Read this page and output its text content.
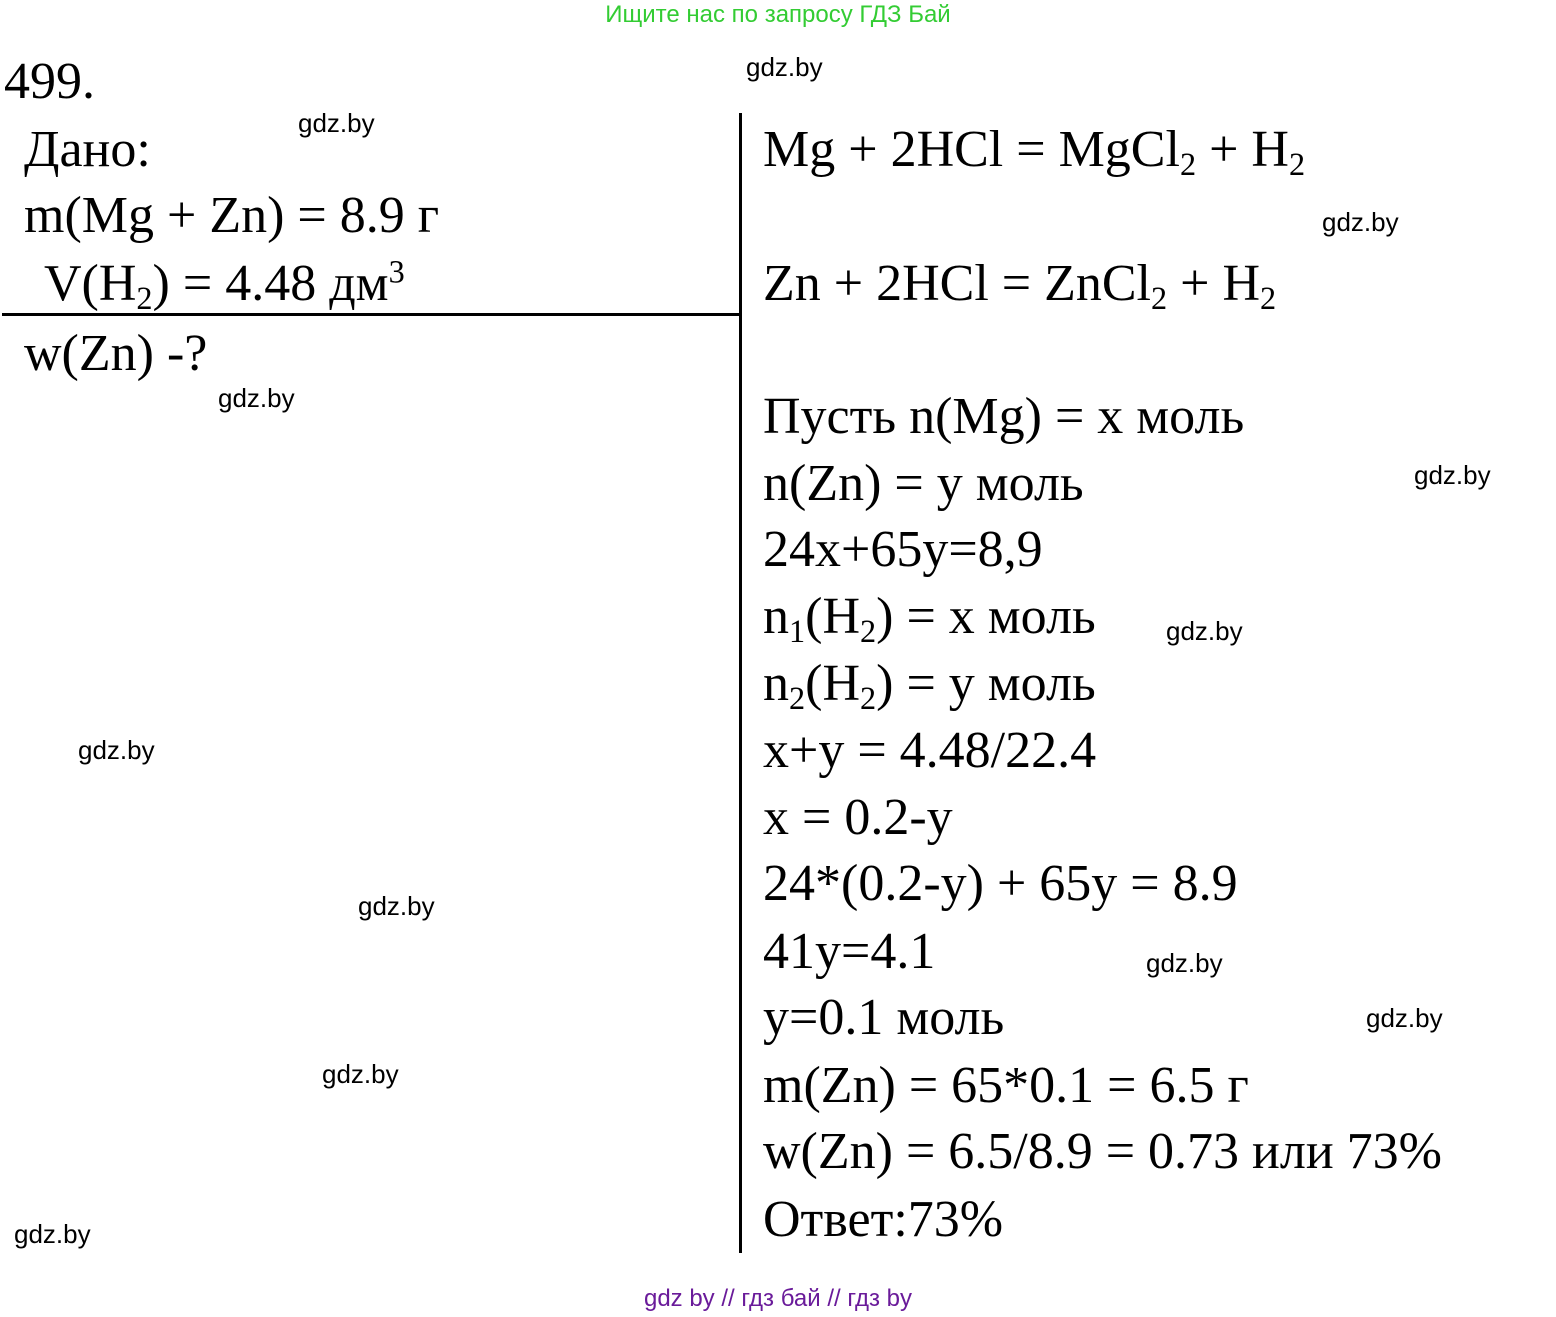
Ищите нас по запросу ГДЗ Бай
499.
Дано:
m(Mg + Zn) = 8.9 г
$V(H_2) = 4.48$ $дм^3$
w(Zn) -?
Mg + 2HCl = MgCl$_2$ + $H_2$
Zn + 2HCl = ZnCl$_2$ + $H_2$
Пусть n(Mg) = x моль
n(Zn) = y моль
24x+65y=8,9
$n_1(H_2) = x$ моль
$n_2(H_2) = y$ моль
x+y = 4.48/22.4
x = 0.2-y
24*(0.2-y) + 65y = 8.9
41y=4.1
y=0.1 моль
m(Zn) = 65*0.1 = 6.5 г
w(Zn) = 6.5/8.9 = 0.73 или 73%
Ответ:73%
gdz.by
gdz.by
gdz.by
gdz.by
gdz.by
gdz.by
gdz.by
gdz.by
gdz.by
gdz.by
gdz.by
gdz.by
gdz by // гдз бай // гдз by
